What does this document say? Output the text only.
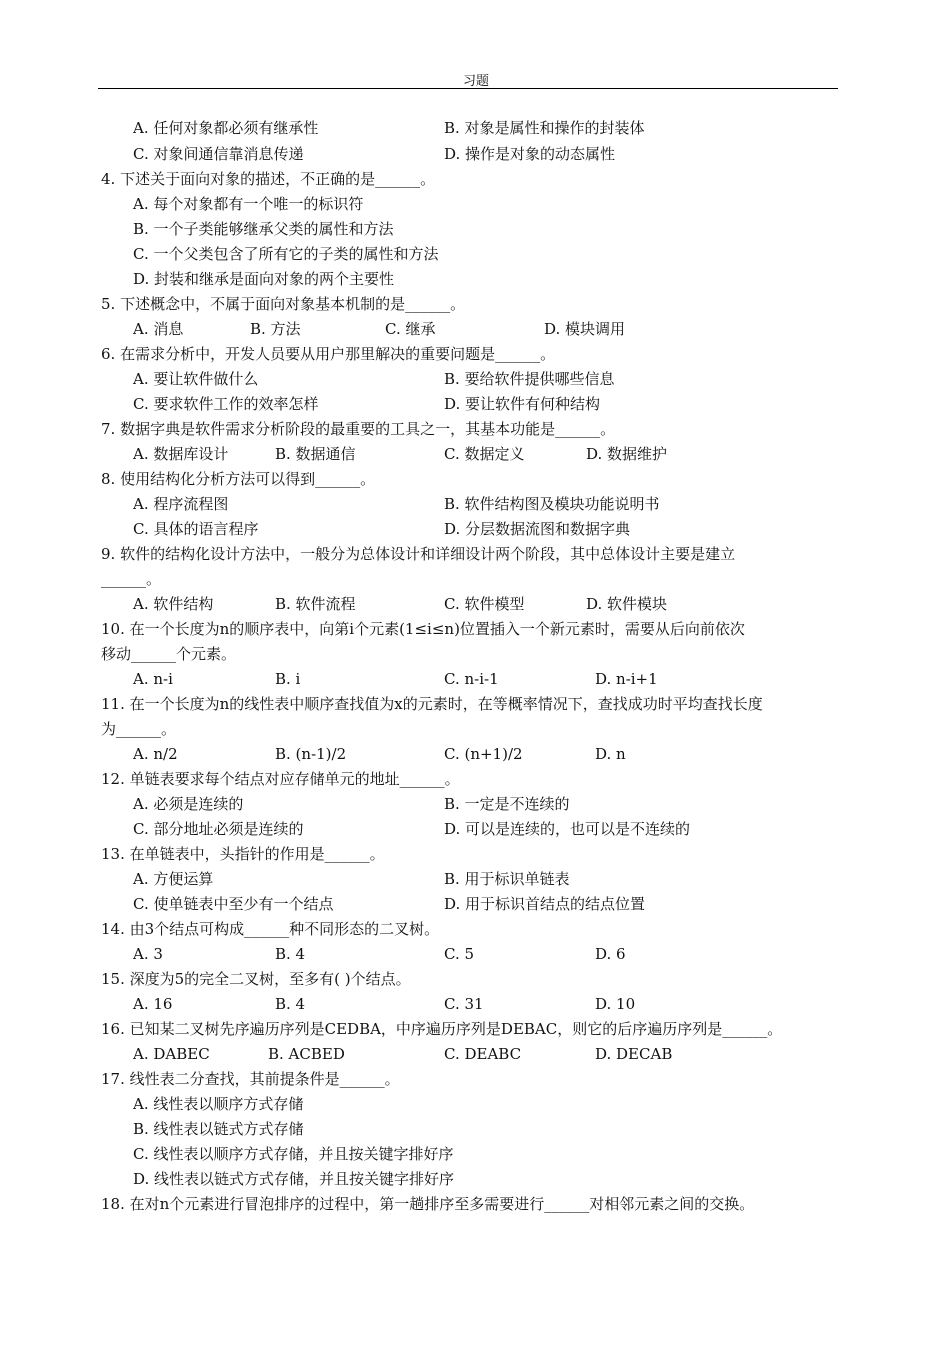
习题
A. 任何对象都必须有继承性	B. 对象是属性和操作的封装体
C. 对象间通信靠消息传递	D. 操作是对象的动态属性
4. 下述关于面向对象的描述，不正确的是______。
A. 每个对象都有一个唯一的标识符
B. 一个子类能够继承父类的属性和方法
C. 一个父类包含了所有它的子类的属性和方法
D. 封装和继承是面向对象的两个主要性
5. 下述概念中，不属于面向对象基本机制的是______。
A. 消息	B. 方法	C. 继承	D. 模块调用
6. 在需求分析中，开发人员要从用户那里解决的重要问题是______。
A. 要让软件做什么	B. 要给软件提供哪些信息
C. 要求软件工作的效率怎样	D. 要让软件有何种结构
7. 数据字典是软件需求分析阶段的最重要的工具之一，其基本功能是______。
A. 数据库设计	B. 数据通信	C. 数据定义	D. 数据维护
8. 使用结构化分析方法可以得到______。
A. 程序流程图	B. 软件结构图及模块功能说明书
C. 具体的语言程序	D. 分层数据流图和数据字典
9. 软件的结构化设计方法中，一般分为总体设计和详细设计两个阶段，其中总体设计主要是建立
______。
A. 软件结构	B. 软件流程	C. 软件模型	D. 软件模块
10. 在一个长度为n的顺序表中，向第i个元素(1≤i≤n)位置插入一个新元素时，需要从后向前依次
移动______个元素。
A. n-i	B. i	C. n-i-1	D. n-i+1
11. 在一个长度为n的线性表中顺序查找值为x的元素时，在等概率情况下，查找成功时平均查找长度
为______。
A. n/2	B. (n-1)/2	C. (n+1)/2	D. n
12. 单链表要求每个结点对应存储单元的地址______。
A. 必须是连续的	B. 一定是不连续的
C. 部分地址必须是连续的	D. 可以是连续的，也可以是不连续的
13. 在单链表中，头指针的作用是______。
A. 方便运算	B. 用于标识单链表
C. 使单链表中至少有一个结点	D. 用于标识首结点的结点位置
14. 由3个结点可构成______种不同形态的二叉树。
A. 3	B. 4	C. 5	D. 6
15. 深度为5的完全二叉树，至多有( )个结点。
A. 16	B. 4	C. 31	D. 10
16. 已知某二叉树先序遍历序列是CEDBA，中序遍历序列是DEBAC，则它的后序遍历序列是______。
A. DABEC	B. ACBED	C. DEABC	D. DECAB
17. 线性表二分查找，其前提条件是______。
A. 线性表以顺序方式存储
B. 线性表以链式方式存储
C. 线性表以顺序方式存储，并且按关键字排好序
D. 线性表以链式方式存储，并且按关键字排好序
18. 在对n个元素进行冒泡排序的过程中，第一趟排序至多需要进行______对相邻元素之间的交换。
